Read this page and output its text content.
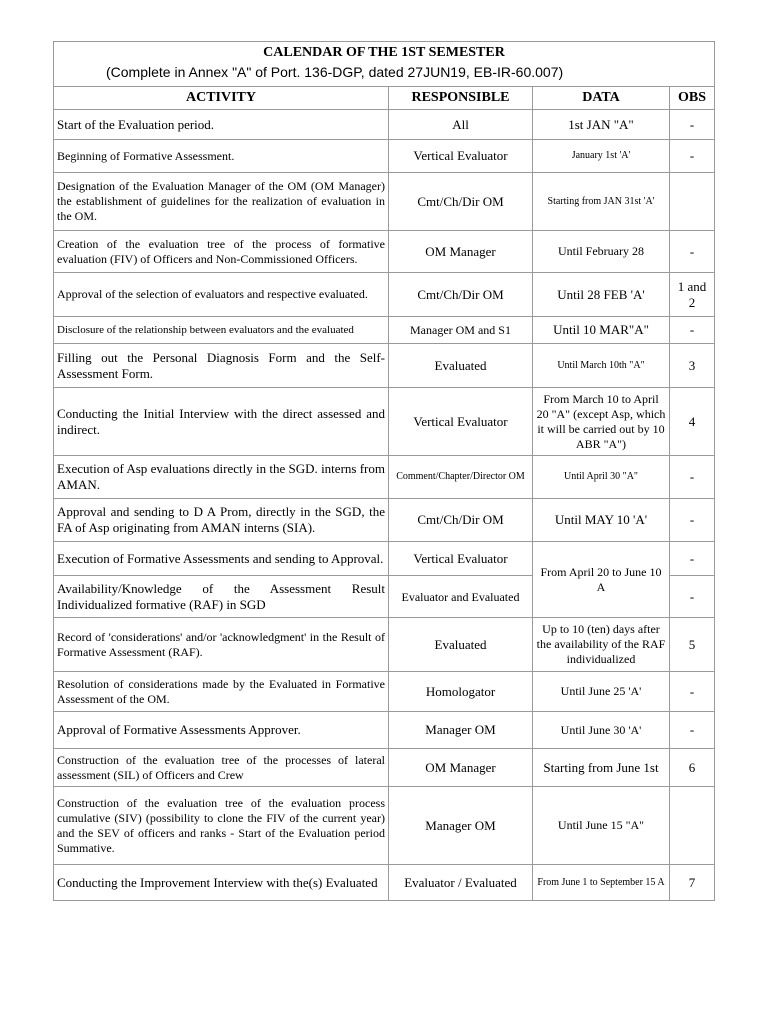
CALENDAR OF THE 1ST SEMESTER
(Complete in Annex "A" of Port. 136-DGP, dated 27JUN19, EB-IR-60.007)			

ACTIVITY	RESPONSIBLE	DATA	OBS
Start of the Evaluation period.	All	1st JAN "A"	-
Beginning of Formative Assessment.	Vertical Evaluator	January 1st 'A'	-
Designation of the Evaluation Manager of the OM (OM Manager) the establishment of guidelines for the realization of evaluation in the OM.	Cmt/Ch/Dir OM	Starting from JAN 31st 'A'	
Creation of the evaluation tree of the process of formative evaluation (FIV) of Officers and Non-Commissioned Officers.	OM Manager	Until February 28	-
Approval of the selection of evaluators and respective evaluated.	Cmt/Ch/Dir OM	Until 28 FEB 'A'	1 and 2
Disclosure of the relationship between evaluators and the evaluated	Manager OM and S1	Until 10 MAR"A"	-
Filling out the Personal Diagnosis Form and the Self-Assessment Form.	Evaluated	Until March 10th "A"	3
Conducting the Initial Interview with the direct assessed and indirect.	Vertical Evaluator	From March 10 to April 20 "A" (except Asp, which it will be carried out by 10 ABR "A")	4
Execution of Asp evaluations directly in the SGD. interns from AMAN.	Comment/Chapter/Director OM	Until April 30 "A"	-
Approval and sending to D A Prom, directly in the SGD, the FA of Asp originating from AMAN interns (SIA).	Cmt/Ch/Dir OM	Until MAY 10 'A'	-
Execution of Formative Assessments and sending to Approval.	Vertical Evaluator	From April 20 to June 10 A	-
Availability/Knowledge of the Assessment Result Individualized formative (RAF) in SGD	Evaluator and Evaluated		-
Record of 'considerations' and/or 'acknowledgment' in the Result of Formative Assessment (RAF).	Evaluated	Up to 10 (ten) days after the availability of the RAF individualized	5
Resolution of considerations made by the Evaluated in Formative Assessment of the OM.	Homologator	Until June 25 'A'	-
Approval of Formative Assessments Approver.	Manager OM	Until June 30 'A'	-
Construction of the evaluation tree of the processes of lateral assessment (SIL) of Officers and Crew	OM Manager	Starting from June 1st	6
Construction of the evaluation tree of the evaluation process cumulative (SIV) (possibility to clone the FIV of the current year) and the SEV of officers and ranks - Start of the Evaluation period Summative.	Manager OM	Until June 15 "A"	
Conducting the Improvement Interview with the(s) Evaluated	Evaluator / Evaluated	From June 1 to September 15 A	7
